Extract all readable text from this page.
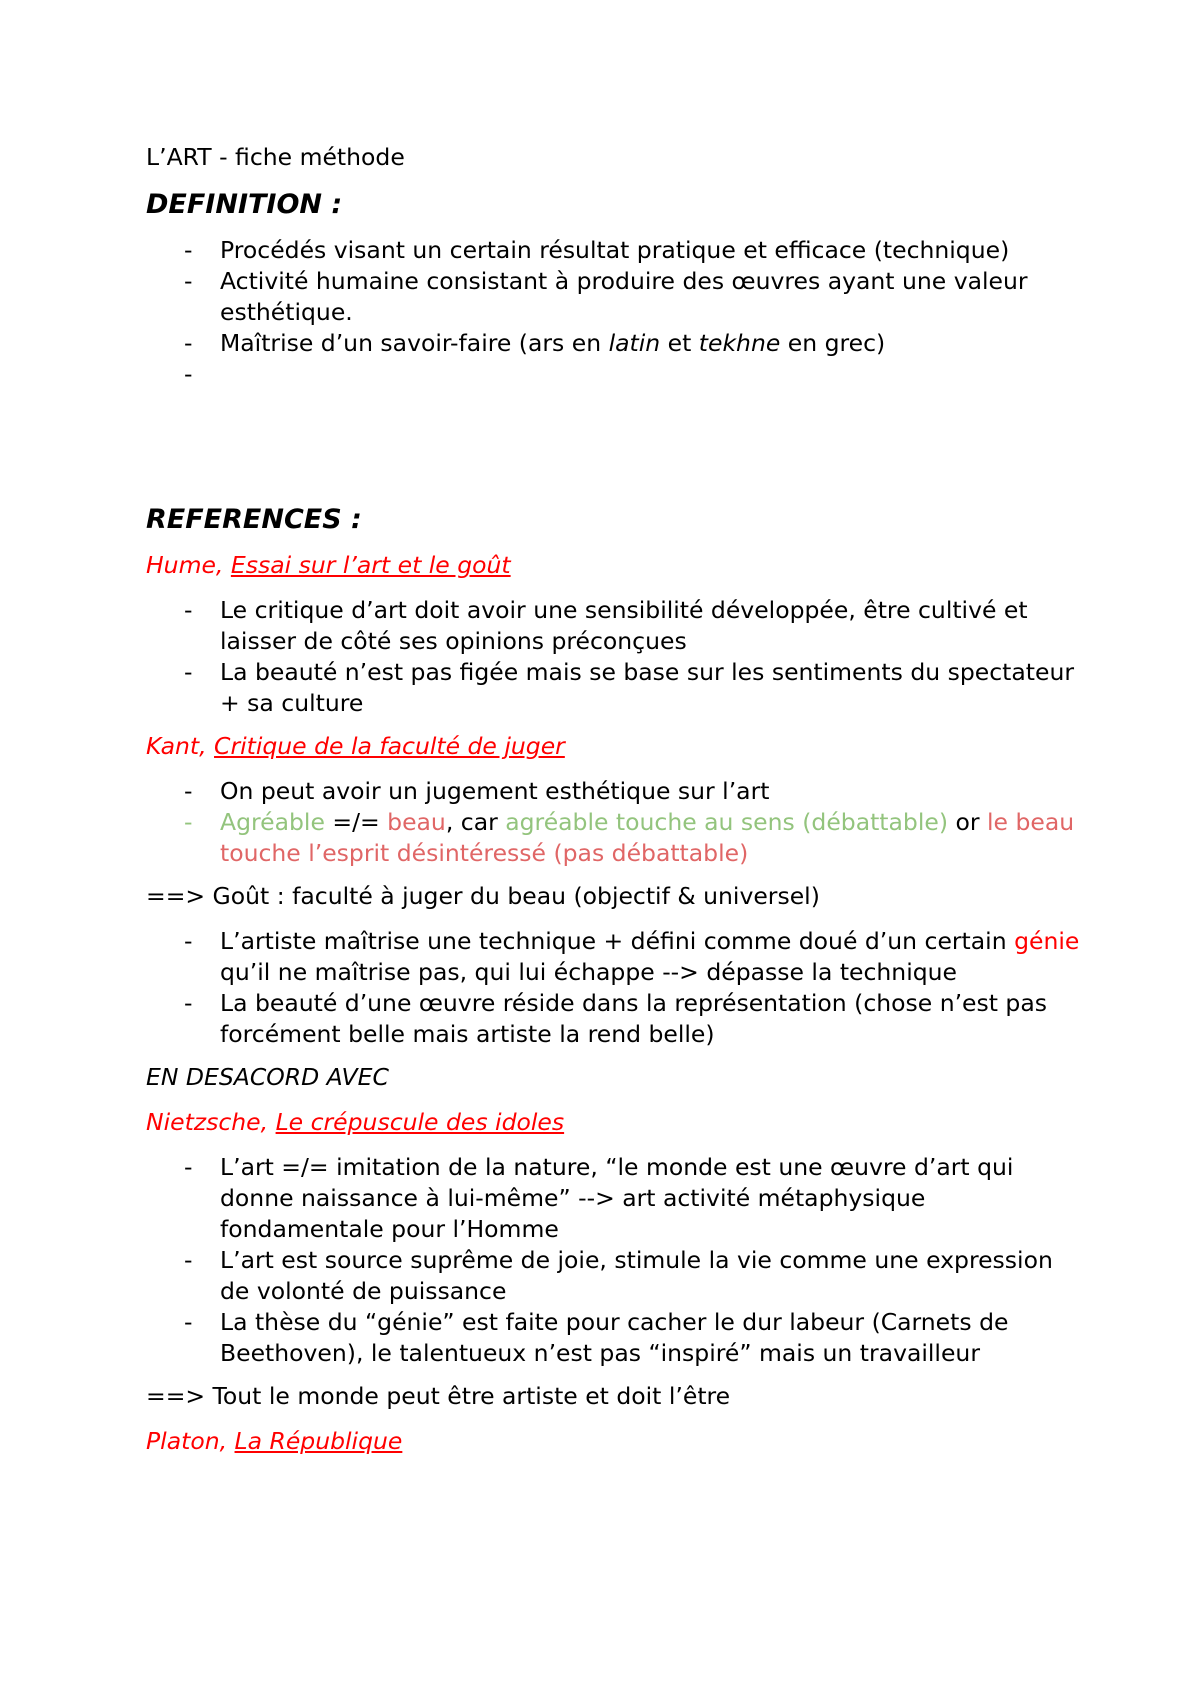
L’ART - fiche méthode
DEFINITION :
- Procédés visant un certain résultat pratique et efficace (technique)
- Activité humaine consistant à produire des œuvres ayant une valeur esthétique.
- Maîtrise d’un savoir-faire (ars en latin et tekhne en grec)
-

REFERENCES :
Hume, Essai sur l’art et le goût
- Le critique d’art doit avoir une sensibilité développée, être cultivé et laisser de côté ses opinions préconçues
- La beauté n’est pas figée mais se base sur les sentiments du spectateur + sa culture
Kant, Critique de la faculté de juger
- On peut avoir un jugement esthétique sur l’art
- Agréable =/= beau, car agréable touche au sens (débattable) or le beau touche l’esprit désintéressé (pas débattable)
==> Goût : faculté à juger du beau (objectif & universel)
- L’artiste maîtrise une technique + défini comme doué d’un certain génie qu’il ne maîtrise pas, qui lui échappe --> dépasse la technique
- La beauté d’une œuvre réside dans la représentation (chose n’est pas forcément belle mais artiste la rend belle)
EN DESACORD AVEC
Nietzsche, Le crépuscule des idoles
- L’art =/= imitation de la nature, “le monde est une œuvre d’art qui donne naissance à lui-même” --> art activité métaphysique fondamentale pour l’Homme
- L’art est source suprême de joie, stimule la vie comme une expression de volonté de puissance
- La thèse du “génie” est faite pour cacher le dur labeur (Carnets de Beethoven), le talentueux n’est pas “inspiré” mais un travailleur
==> Tout le monde peut être artiste et doit l’être
Platon, La République
